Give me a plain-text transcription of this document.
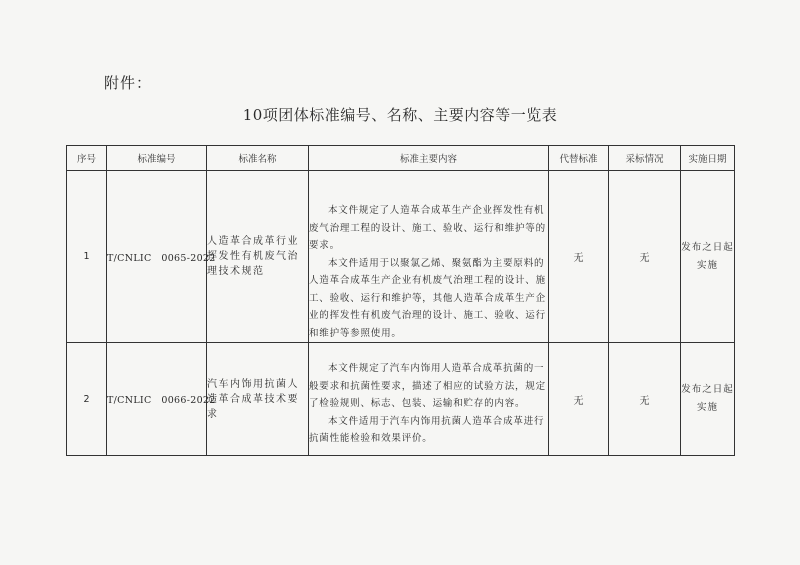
附件：
10项团体标准编号、名称、主要内容等一览表
序号	标准编号	标准名称	标准主要内容	代替标准	采标情况	实施日期
1	T/CNLIC　0065-2022	人造革合成革行业挥发性有机废气治理技术规范	本文件规定了人造革合成革生产企业挥发性有机废气治理工程的设计、施工、验收、运行和维护等的要求。

本文件适用于以聚氯乙烯、聚氨酯为主要原料的人造革合成革生产企业有机废气治理工程的设计、施工、验收、运行和维护等，其他人造革合成革生产企业的挥发性有机废气治理的设计、施工、验收、运行和维护等参照使用。	无	无	发布之日起实施
2	T/CNLIC　0066-2022	汽车内饰用抗菌人造革合成革技术要求	本文件规定了汽车内饰用人造革合成革抗菌的一般要求和抗菌性要求，描述了相应的试验方法，规定了检验规则、标志、包装、运输和贮存的内容。

本文件适用于汽车内饰用抗菌人造革合成革进行抗菌性能检验和效果评价。	无	无	发布之日起实施
